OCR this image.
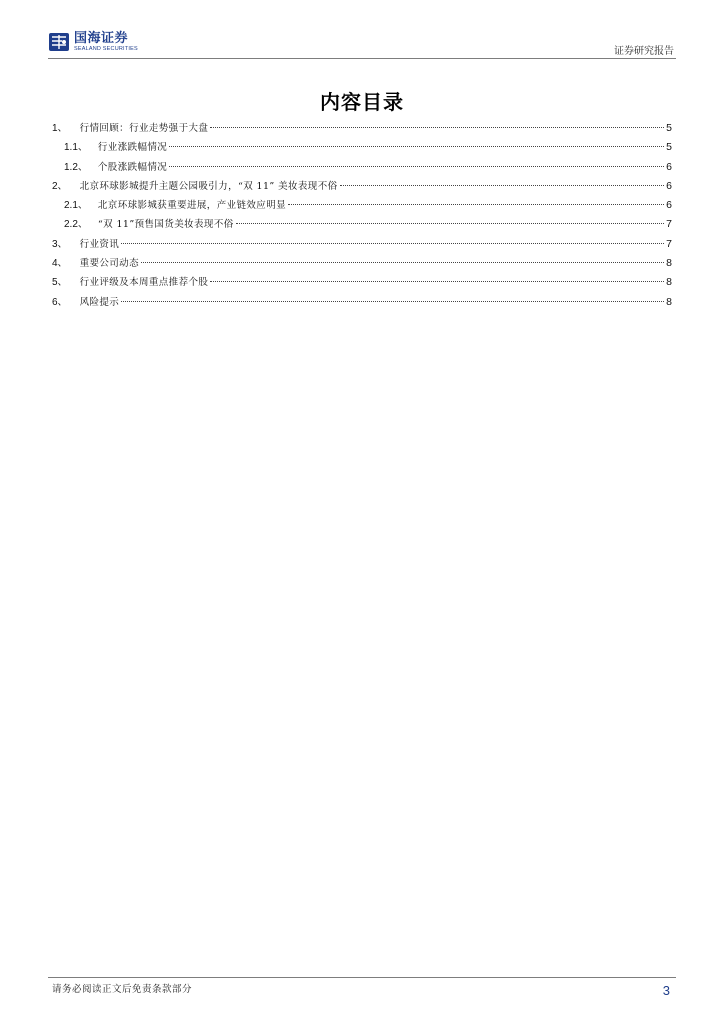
国海证券
SEALAND SECURITIES	证券研究报告
内容目录
1、 行情回顾：行业走势强于大盘	5
1.1、 行业涨跌幅情况	5
1.2、 个股涨跌幅情况	6
2、 北京环球影城提升主题公园吸引力，“双 11” 美妆表现不俗	6
2.1、 北京环球影城获重要进展，产业链效应明显	6
2.2、 “双 11”预售国货美妆表现不俗	7
3、 行业资讯	7
4、 重要公司动态	8
5、 行业评级及本周重点推荐个股	8
6、 风险提示	8
请务必阅读正文后免责条款部分	3
